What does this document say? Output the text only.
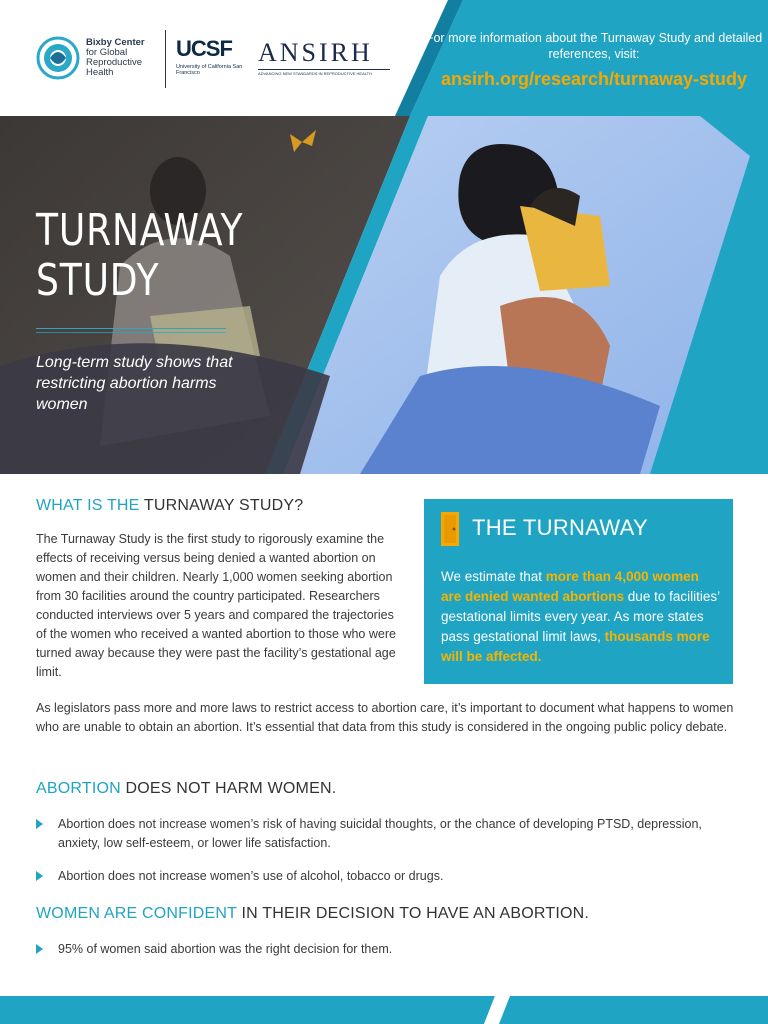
Bixby Center
for Global
Reproductive
Health
UCSF
University of California San Francisco
ANSIRH
ADVANCING NEW STANDARDS IN REPRODUCTIVE HEALTH
For more information about the Turnaway Study and detailed references, visit:
ansirh.org/research/turnaway-study
TURNAWAY
STUDY
Long-term study shows that restricting abortion harms women
WHAT IS THE TURNAWAY STUDY?
The Turnaway Study is the first study to rigorously examine the effects of receiving versus being denied a wanted abortion on women and their children. Nearly 1,000 women seeking abortion from 30 facilities around the country participated. Researchers conducted interviews over 5 years and compared the trajectories of the women who received a wanted abortion to those who were turned away because they were past the facility’s gestational age limit.
THE TURNAWAY
We estimate that more than 4,000 women are denied wanted abortions due to facilities’ gestational limits every year. As more states pass gestational limit laws, thousands more will be affected.
As legislators pass more and more laws to restrict access to abortion care, it’s important to document what happens to women who are unable to obtain an abortion. It’s essential that data from this study is considered in the ongoing public policy debate.
ABORTION DOES NOT HARM WOMEN.
Abortion does not increase women’s risk of having suicidal thoughts, or the chance of developing PTSD, depression, anxiety, low self-esteem, or lower life satisfaction.
Abortion does not increase women’s use of alcohol, tobacco or drugs.
WOMEN ARE CONFIDENT IN THEIR DECISION TO HAVE AN ABORTION.
95% of women said abortion was the right decision for them.
